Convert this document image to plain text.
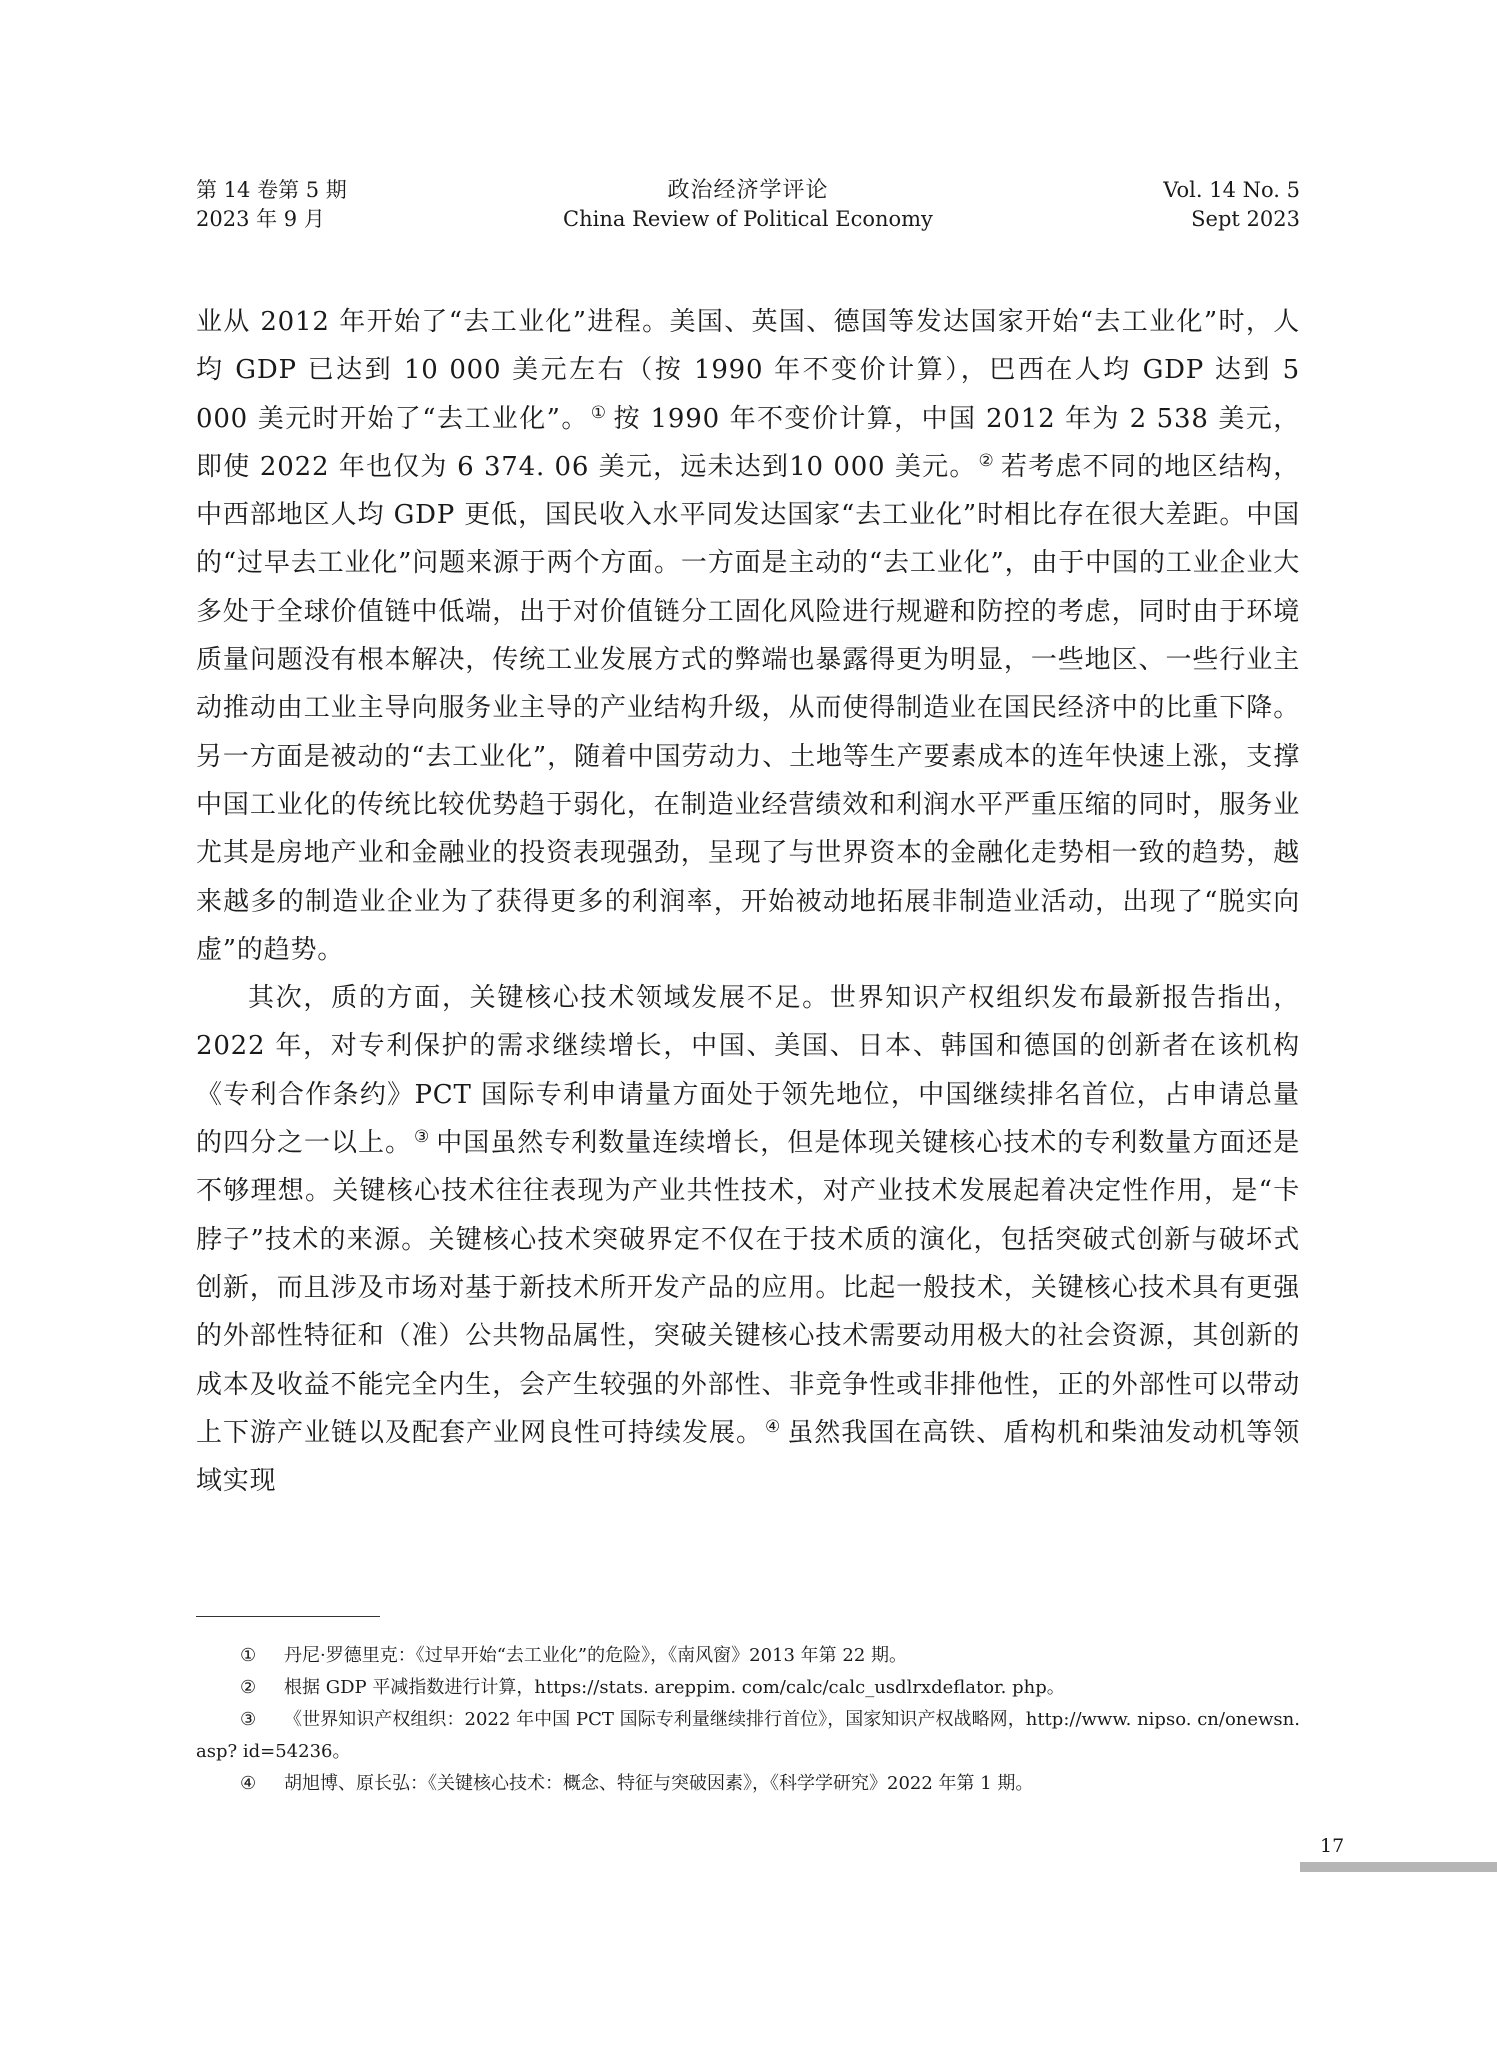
第 14 卷第 5 期
2023 年 9 月
政治经济学评论
China Review of Political Economy
Vol. 14 No. 5
Sept 2023

业从 2012 年开始了“去工业化”进程。美国、英国、德国等发达国家开始“去工业化”时，人均 GDP 已达到 10 000 美元左右（按 1990 年不变价计算），巴西在人均 GDP 达到 5 000 美元时开始了“去工业化”。 ① 按 1990 年不变价计算，中国 2012 年为 2 538 美元，即使 2022 年也仅为 6 374. 06 美元，远未达到10 000 美元。 ② 若考虑不同的地区结构，中西部地区人均 GDP 更低，国民收入水平同发达国家“去工业化”时相比存在很大差距。中国的“过早去工业化”问题来源于两个方面。一方面是主动的“去工业化”，由于中国的工业企业大多处于全球价值链中低端，出于对价值链分工固化风险进行规避和防控的考虑，同时由于环境质量问题没有根本解决，传统工业发展方式的弊端也暴露得更为明显，一些地区、一些行业主动推动由工业主导向服务业主导的产业结构升级，从而使得制造业在国民经济中的比重下降。另一方面是被动的“去工业化”，随着中国劳动力、土地等生产要素成本的连年快速上涨，支撑中国工业化的传统比较优势趋于弱化，在制造业经营绩效和利润水平严重压缩的同时，服务业尤其是房地产业和金融业的投资表现强劲，呈现了与世界资本的金融化走势相一致的趋势，越来越多的制造业企业为了获得更多的利润率，开始被动地拓展非制造业活动，出现了“脱实向虚”的趋势。

其次，质的方面，关键核心技术领域发展不足。世界知识产权组织发布最新报告指出，2022 年，对专利保护的需求继续增长，中国、美国、日本、韩国和德国的创新者在该机构《专利合作条约》PCT 国际专利申请量方面处于领先地位，中国继续排名首位，占申请总量的四分之一以上。 ③ 中国虽然专利数量连续增长，但是体现关键核心技术的专利数量方面还是不够理想。关键核心技术往往表现为产业共性技术，对产业技术发展起着决定性作用，是“卡脖子”技术的来源。关键核心技术突破界定不仅在于技术质的演化，包括突破式创新与破坏式创新，而且涉及市场对基于新技术所开发产品的应用。比起一般技术，关键核心技术具有更强的外部性特征和（准）公共物品属性，突破关键核心技术需要动用极大的社会资源，其创新的成本及收益不能完全内生，会产生较强的外部性、非竞争性或非排他性，正的外部性可以带动上下游产业链以及配套产业网良性可持续发展。 ④ 虽然我国在高铁、盾构机和柴油发动机等领域实现

① 丹尼·罗德里克：《过早开始“去工业化”的危险》，《南风窗》2013 年第 22 期。

② 根据 GDP 平减指数进行计算，https://stats. areppim. com/calc/calc_usdlrxdeflator. php。

③ 《世界知识产权组织：2022 年中国 PCT 国际专利量继续排行首位》，国家知识产权战略网，http://www. nipso. cn/onewsn. asp? id=54236。

④ 胡旭博、原长弘：《关键核心技术：概念、特征与突破因素》，《科学学研究》2022 年第 1 期。

17
